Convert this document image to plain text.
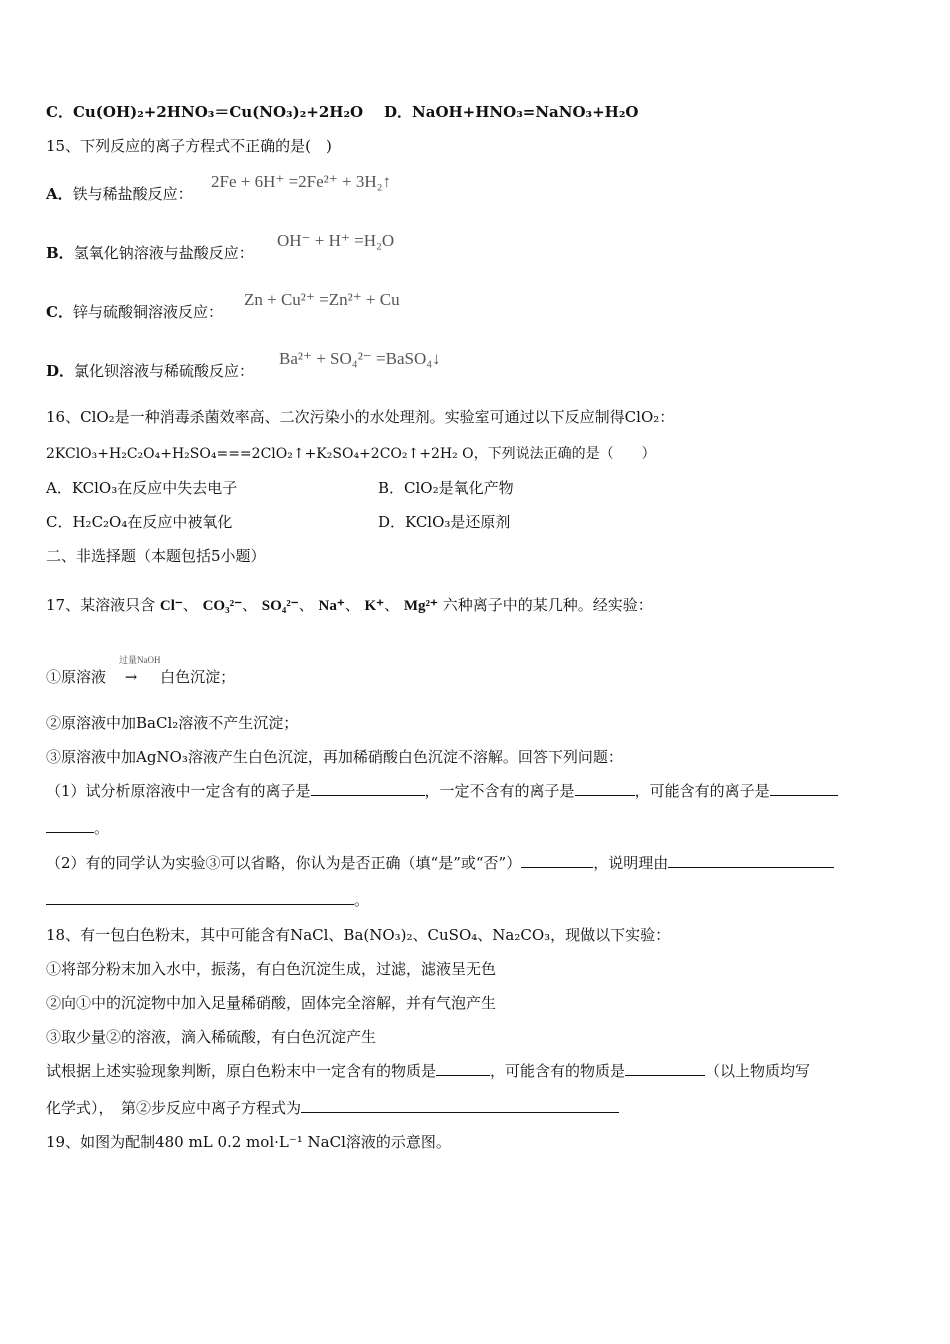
C．Cu(OH)₂+2HNO₃＝Cu(NO₃)₂+2H₂O D．NaOH+HNO₃=NaNO₃+H₂O
15、下列反应的离子方程式不正确的是(　)
A．铁与稀盐酸反应：
2Fe + 6H⁺ =2Fe²⁺ + 3H₂↑
B．氢氧化钠溶液与盐酸反应：
OH⁻ + H⁺ =H₂O
C．锌与硫酸铜溶液反应：
Zn + Cu²⁺ =Zn²⁺ + Cu
D．氯化钡溶液与稀硫酸反应：
Ba²⁺ + SO₄²⁻ =BaSO₄↓
16、ClO₂是一种消毒杀菌效率高、二次污染小的水处理剂。实验室可通过以下反应制得ClO₂：
2KClO₃+H₂C₂O₄+H₂SO₄===2ClO₂↑+K₂SO₄+2CO₂↑+2H₂ O，下列说法正确的是（　　）
A．KClO₃在反应中失去电子	B．ClO₂是氧化产物
C．H₂C₂O₄在反应中被氧化	D．KClO₃是还原剂
二、非选择题（本题包括5小题）
17、某溶液只含 Cl⁻、 CO₃²⁻、 SO₄²⁻、 Na⁺、 K⁺、 Mg²⁺ 六种离子中的某几种。经实验：
①原溶液 → 白色沉淀；
过量NaOH
②原溶液中加BaCl₂溶液不产生沉淀；
③原溶液中加AgNO₃溶液产生白色沉淀，再加稀硝酸白色沉淀不溶解。回答下列问题：
（1）试分析原溶液中一定含有的离子是	，一定不含有的离子是	，可能含有的离子是
。
（2）有的同学认为实验③可以省略，你认为是否正确（填“是”或“否”）	，说明理由
。
18、有一包白色粉末，其中可能含有NaCl、Ba(NO₃)₂、CuSO₄、Na₂CO₃，现做以下实验：
①将部分粉末加入水中，振荡，有白色沉淀生成，过滤，滤液呈无色
②向①中的沉淀物中加入足量稀硝酸，固体完全溶解，并有气泡产生
③取少量②的溶液，滴入稀硫酸，有白色沉淀产生
试根据上述实验现象判断，原白色粉末中一定含有的物质是	，可能含有的物质是	（以上物质均写
化学式），　第②步反应中离子方程式为
19、如图为配制480 mL 0.2 mol·L⁻¹ NaCl溶液的示意图。
